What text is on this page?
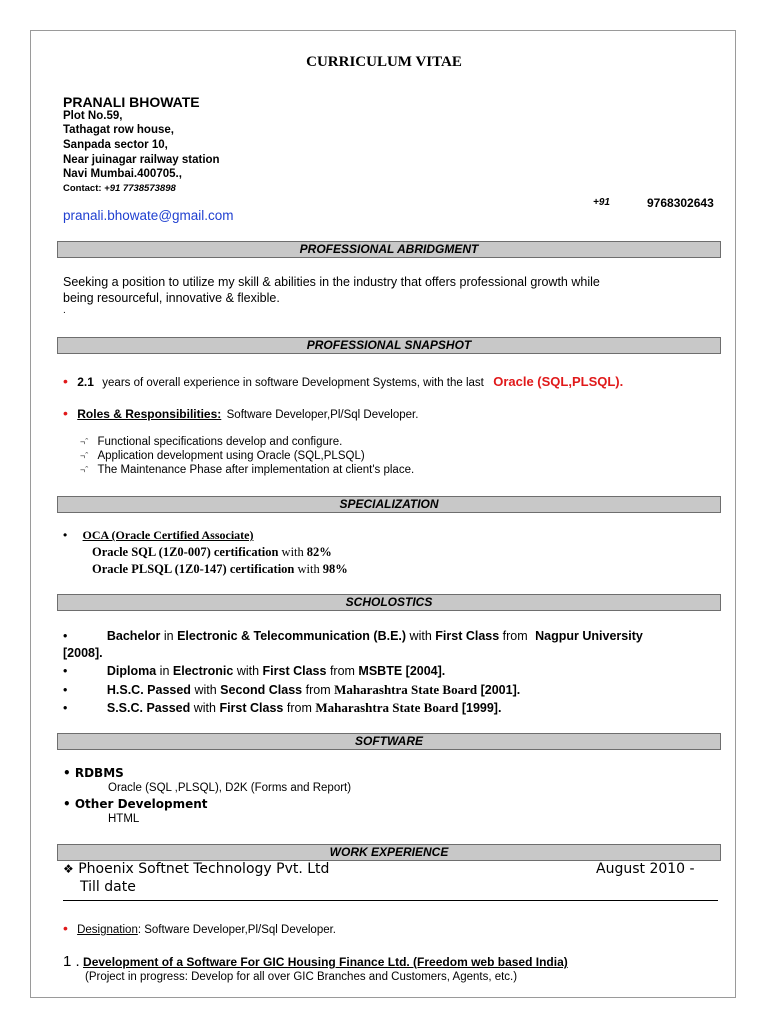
CURRICULUM VITAE
PRANALI BHOWATE
Plot No.59,
Tathagat row house,
Sanpada sector 10,
Near juinagar railway station
Navi Mumbai.400705.,
Contact: +91 7738573898
+91	9768302643
pranali.bhowate@gmail.com
PROFESSIONAL ABRIDGMENT
Seeking a position to utilize my skill & abilities in the industry that offers professional growth while
being resourceful, innovative & flexible.
.
PROFESSIONAL SNAPSHOT
• 2.1 years of overall experience in software Development Systems, with the last Oracle (SQL,PLSQL).
• Roles & Responsibilities: Software Developer,Pl/Sql Developer.
¬ˆ Functional specifications develop and configure.
¬ˆ Application development using Oracle (SQL,PLSQL)
¬ˆ The Maintenance Phase after implementation at client's place.
SPECIALIZATION
• OCA (Oracle Certified Associate)
Oracle SQL (1Z0-007) certification with 82%
Oracle PLSQL (1Z0-147) certification with 98%
SCHOLOSTICS
•	Bachelor in Electronic & Telecommunication (B.E.) with First Class from Nagpur University
[2008].
•	Diploma in Electronic with First Class from MSBTE [2004].
•	H.S.C. Passed with Second Class from Maharashtra State Board [2001].
•	S.S.C. Passed with First Class from Maharashtra State Board [1999].
SOFTWARE
• RDBMS
Oracle (SQL ,PLSQL), D2K (Forms and Report)
• Other Development
HTML
WORK EXPERIENCE
❖ Phoenix Softnet Technology Pvt. Ltd	August 2010 -
Till date
• Designation: Software Developer,Pl/Sql Developer.
1 . Development of a Software For GIC Housing Finance Ltd. (Freedom web based India)
(Project in progress: Develop for all over GIC Branches and Customers, Agents, etc.)
